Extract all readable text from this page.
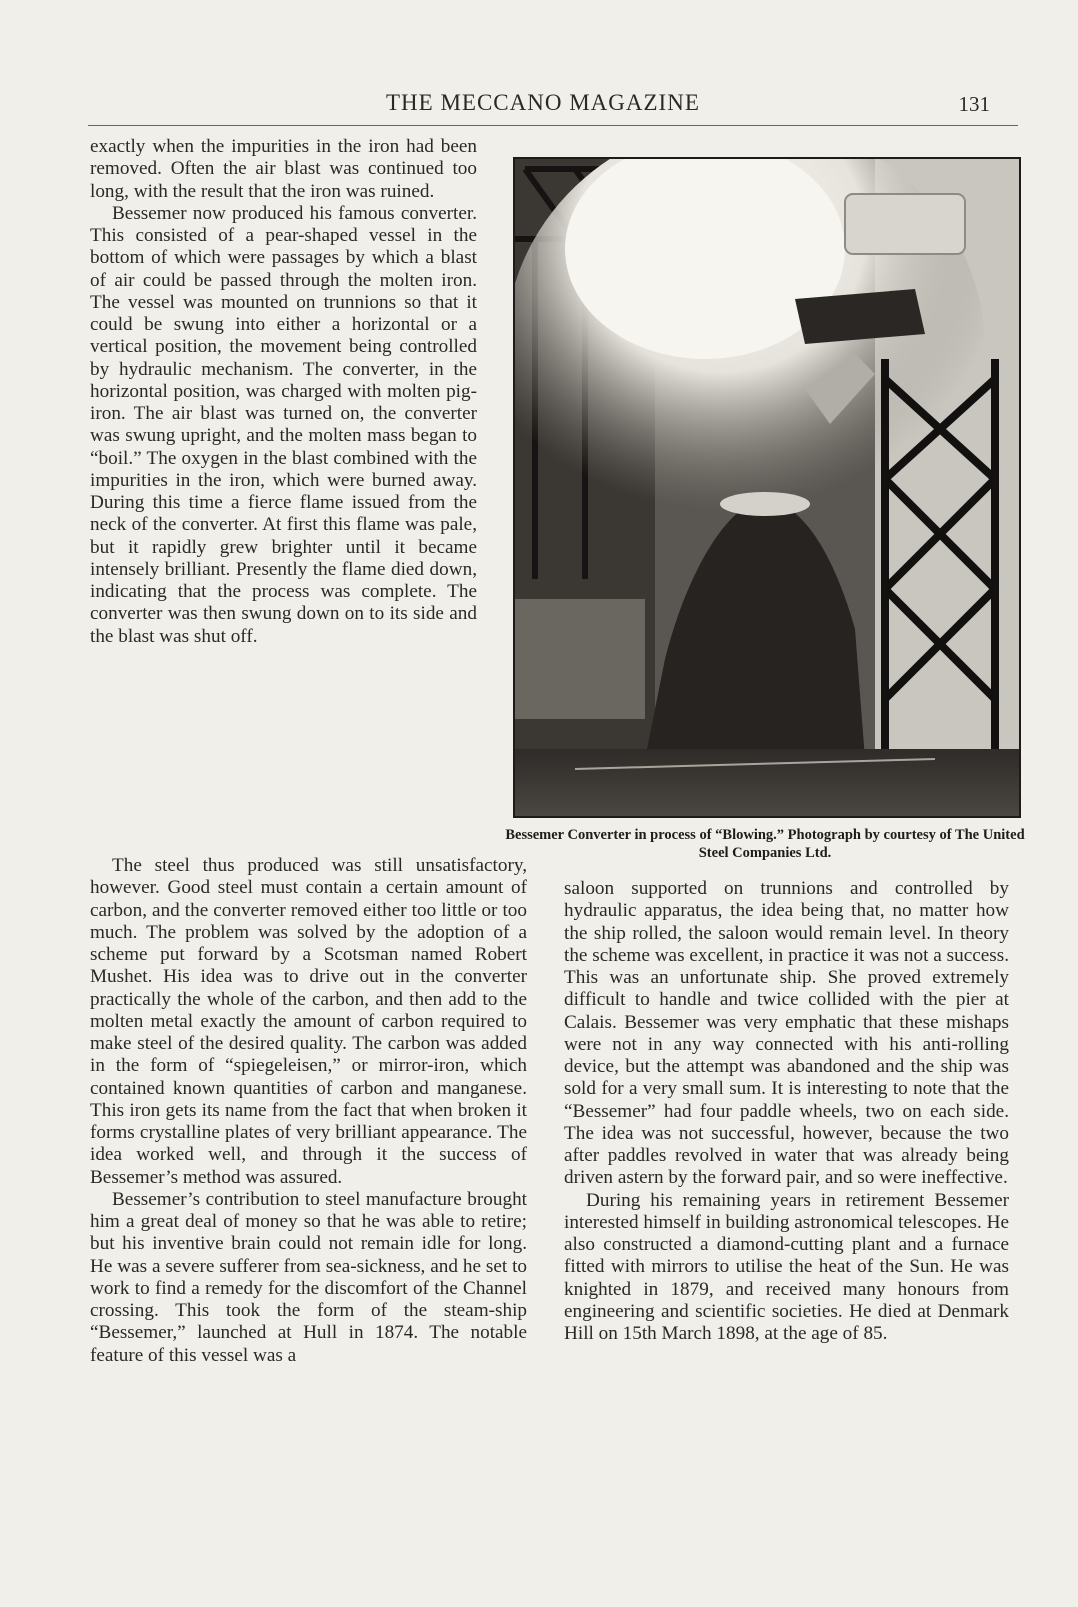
THE MECCANO MAGAZINE	131

exactly when the impurities in the iron had been removed. Often the air blast was continued too long, with the result that the iron was ruined.

Bessemer now produced his famous converter. This consisted of a pear-shaped vessel in the bottom of which were passages by which a blast of air could be passed through the molten iron. The vessel was mounted on trunnions so that it could be swung into either a horizontal or a vertical position, the movement being controlled by hydraulic mechanism. The converter, in the horizontal position, was charged with molten pig-iron. The air blast was turned on, the converter was swung upright, and the molten mass began to “boil.” The oxygen in the blast combined with the impurities in the iron, which were burned away. During this time a fierce flame issued from the neck of the converter. At first this flame was pale, but it rapidly grew brighter until it became intensely brilliant. Presently the flame died down, indicating that the process was complete. The converter was then swung down on to its side and the blast was shut off.

Bessemer Converter in process of “Blowing.” Photograph by courtesy of The United Steel Companies Ltd.

The steel thus produced was still unsatisfactory, however. Good steel must contain a certain amount of carbon, and the converter removed either too little or too much. The problem was solved by the adoption of a scheme put forward by a Scotsman named Robert Mushet. His idea was to drive out in the converter practically the whole of the carbon, and then add to the molten metal exactly the amount of carbon required to make steel of the desired quality. The carbon was added in the form of “spiegeleisen,” or mirror-iron, which contained known quantities of carbon and manganese. This iron gets its name from the fact that when broken it forms crystalline plates of very brilliant appearance. The idea worked well, and through it the success of Bessemer’s method was assured.

Bessemer’s contribution to steel manufacture brought him a great deal of money so that he was able to retire; but his inventive brain could not remain idle for long. He was a severe sufferer from sea-sickness, and he set to work to find a remedy for the discomfort of the Channel crossing. This took the form of the steam-ship “Bessemer,” launched at Hull in 1874. The notable feature of this vessel was a

saloon supported on trunnions and controlled by hydraulic apparatus, the idea being that, no matter how the ship rolled, the saloon would remain level. In theory the scheme was excellent, in practice it was not a success. This was an unfortunate ship. She proved extremely difficult to handle and twice collided with the pier at Calais. Bessemer was very emphatic that these mishaps were not in any way connected with his anti-rolling device, but the attempt was abandoned and the ship was sold for a very small sum. It is interesting to note that the “Bessemer” had four paddle wheels, two on each side. The idea was not successful, however, because the two after paddles revolved in water that was already being driven astern by the forward pair, and so were ineffective.

During his remaining years in retirement Bessemer interested himself in building astronomical telescopes. He also constructed a diamond-cutting plant and a furnace fitted with mirrors to utilise the heat of the Sun. He was knighted in 1879, and received many honours from engineering and scientific societies. He died at Denmark Hill on 15th March 1898, at the age of 85.
